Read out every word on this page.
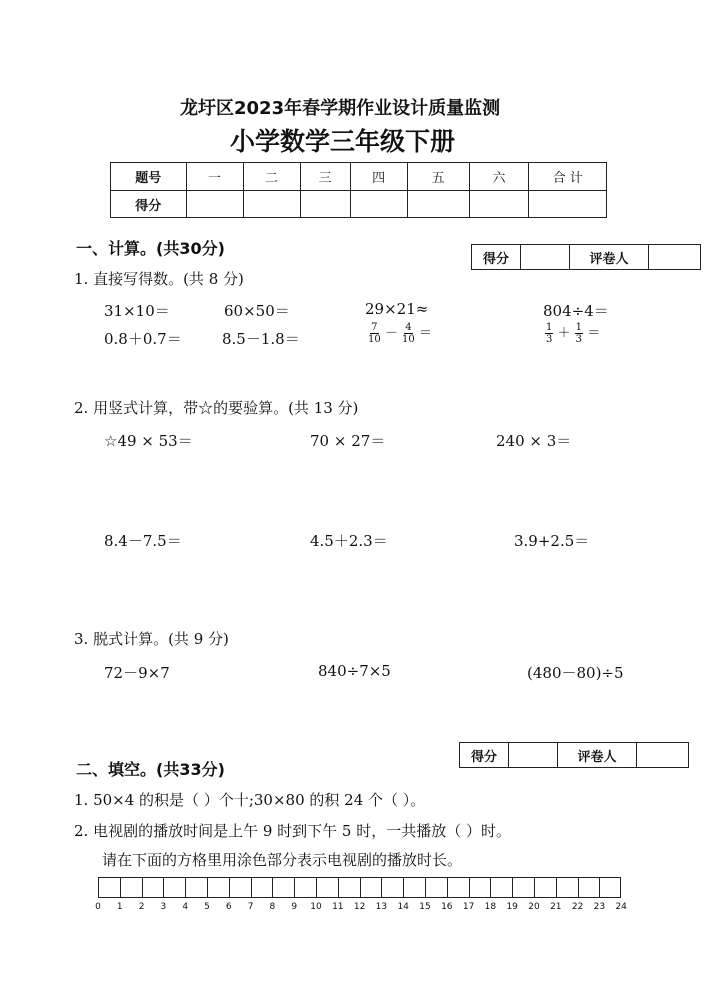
龙圩区2023年春学期作业设计质量监测
小学数学三年级下册
题号	一	二	三	四	五	六	合 计
得分							
一、计算。(共30分)
得分		评卷人	
1. 直接写得数。(共 8 分)
31×10＝	60×50＝	29×21≈	804÷4＝
0.8＋0.7＝	8.5－1.8＝	$\frac{7}{10} - \frac{4}{10}$ ＝	$\frac{1}{3} + \frac{1}{3}$ ＝
2. 用竖式计算，带☆的要验算。(共 13 分)
☆49 × 53＝	70 × 27＝	240 × 3＝
8.4－7.5＝	4.5＋2.3＝	3.9+2.5＝
3. 脱式计算。(共 9 分)
72－9×7	840÷7×5	(480－80)÷5
得分		评卷人	
二、填空。(共33分)
1. 50×4 的积是（ ）个十;30×80 的积 24 个（ ）。
2. 电视剧的播放时间是上午 9 时到下午 5 时，一共播放（ ）时。
请在下面的方格里用涂色部分表示电视剧的播放时长。
0 1 2 3 4 5 6 7 8 9 10 11 12 13 14 15 16 17 18 19 20 21 22 23 24
